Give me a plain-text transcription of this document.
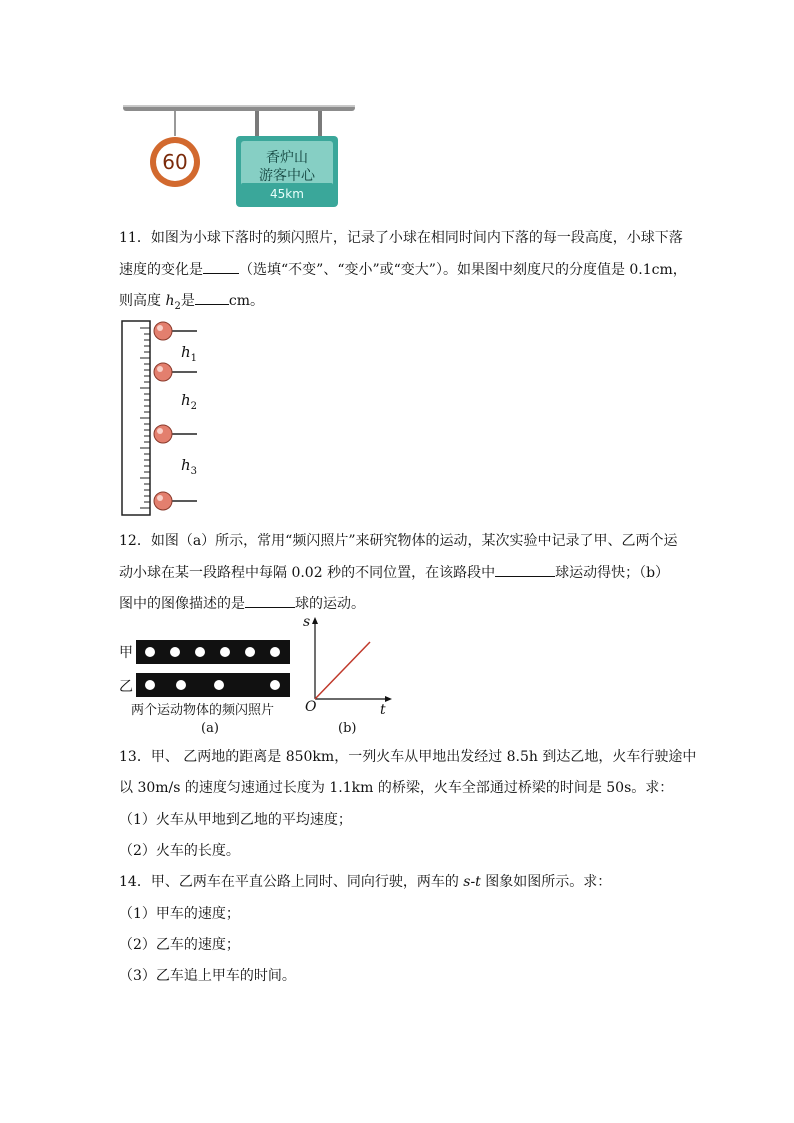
60	香炉山
游客中心
45km
11．如图为小球下落时的频闪照片，记录了小球在相同时间内下落的每一段高度，小球下落
速度的变化是	（选填“不变”、“变小”或“变大”）。如果图中刻度尺的分度值是 0.1cm，
则高度 $h_2$是 cm。
$h_1$
$h_2$
$h_3$
12．如图（a）所示，常用“频闪照片”来研究物体的运动，某次实验中记录了甲、乙两个运
动小球在某一段路程中每隔 0.02 秒的不同位置，在该路段中	球运动得快；（b）
图中的图像描述的是	球的运动。
甲
乙
两个运动物体的频闪照片
(a)
s
t
O
(b)
13．甲、 乙两地的距离是 850km，一列火车从甲地出发经过 8.5h 到达乙地，火车行驶途中
以 30m/s 的速度匀速通过长度为 1.1km 的桥梁，火车全部通过桥梁的时间是 50s。求：
（1）火车从甲地到乙地的平均速度；
（2）火车的长度。
14．甲、乙两车在平直公路上同时、同向行驶，两车的 s-t 图象如图所示。求：
（1）甲车的速度；
（2）乙车的速度；
（3）乙车追上甲车的时间。
